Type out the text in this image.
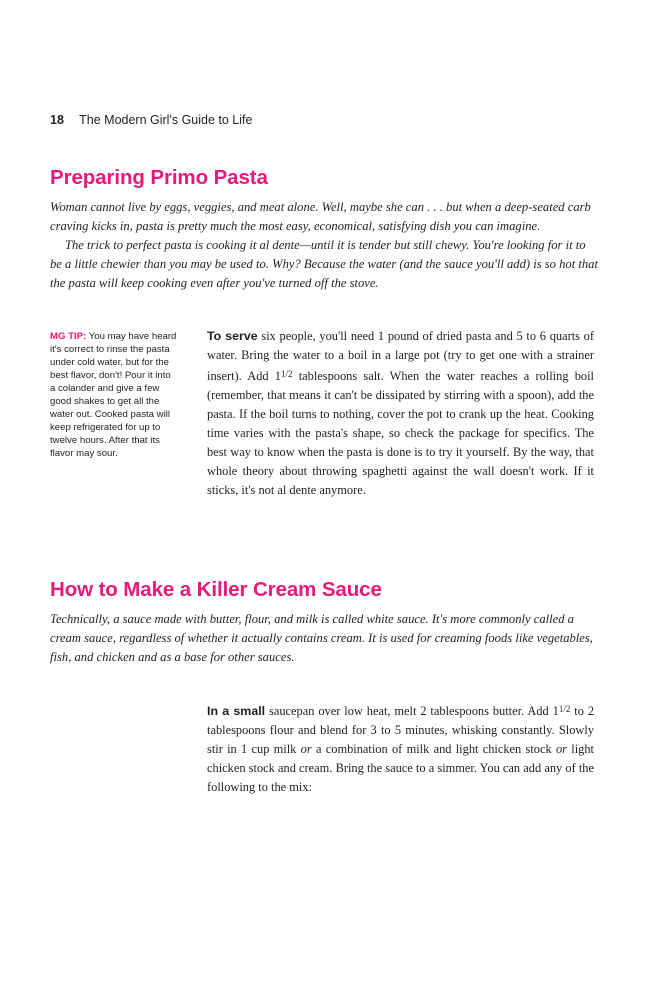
18 The Modern Girl's Guide to Life
Preparing Primo Pasta

Woman cannot live by eggs, veggies, and meat alone. Well, maybe she can . . . but when a deep-seated carb craving kicks in, pasta is pretty much the most easy, economical, satisfying dish you can imagine.

The trick to perfect pasta is cooking it al dente—until it is tender but still chewy. You're looking for it to be a little chewier than you may be used to. Why? Because the water (and the sauce you'll add) is so hot that the pasta will keep cooking even after you've turned off the stove.

MG TIP: You may have heard it's correct to rinse the pasta under cold water, but for the best flavor, don't! Pour it into a colander and give a few good shakes to get all the water out. Cooked pasta will keep refrigerated for up to twelve hours. After that its flavor may sour.

To serve six people, you'll need 1 pound of dried pasta and 5 to 6 quarts of water. Bring the water to a boil in a large pot (try to get one with a strainer insert). Add $1^{1/2}$ tablespoons salt. When the water reaches a rolling boil (remember, that means it can't be dissipated by stirring with a spoon), add the pasta. If the boil turns to nothing, cover the pot to crank up the heat. Cooking time varies with the pasta's shape, so check the package for specifics. The best way to know when the pasta is done is to try it yourself. By the way, that whole theory about throwing spaghetti against the wall doesn't work. If it sticks, it's not al dente anymore.

How to Make a Killer Cream Sauce

Technically, a sauce made with butter, flour, and milk is called white sauce. It's more commonly called a cream sauce, regardless of whether it actually contains cream. It is used for creaming foods like vegetables, fish, and chicken and as a base for other sauces.

In a small saucepan over low heat, melt 2 tablespoons butter. Add $1^{1/2}$ to 2 tablespoons flour and blend for 3 to 5 minutes, whisking constantly. Slowly stir in 1 cup milk or a combination of milk and light chicken stock or light chicken stock and cream. Bring the sauce to a simmer. You can add any of the following to the mix:
